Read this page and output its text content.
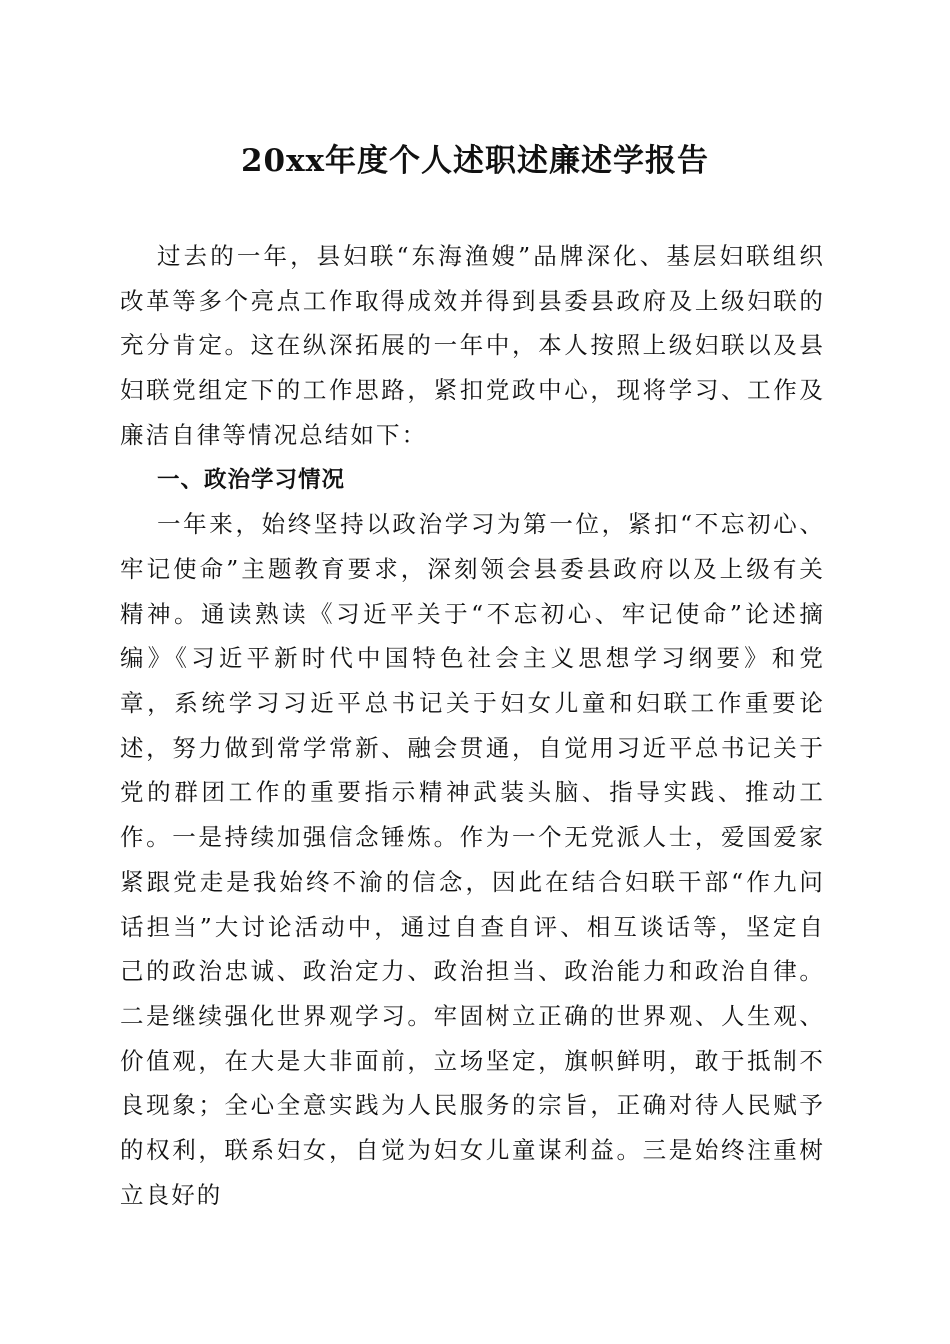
20xx年度个人述职述廉述学报告

过去的一年，县妇联“东海渔嫂”品牌深化、基层妇联组织改革等多个亮点工作取得成效并得到县委县政府及上级妇联的充分肯定。这在纵深拓展的一年中，本人按照上级妇联以及县妇联党组定下的工作思路，紧扣党政中心，现将学习、工作及廉洁自律等情况总结如下：

一、政治学习情况

一年来，始终坚持以政治学习为第一位，紧扣“不忘初心、牢记使命”主题教育要求，深刻领会县委县政府以及上级有关精神。通读熟读《习近平关于“不忘初心、牢记使命”论述摘编》《习近平新时代中国特色社会主义思想学习纲要》和党章，系统学习习近平总书记关于妇女儿童和妇联工作重要论述，努力做到常学常新、融会贯通，自觉用习近平总书记关于党的群团工作的重要指示精神武装头脑、指导实践、推动工作。一是持续加强信念锤炼。作为一个无党派人士，爱国爱家紧跟党走是我始终不渝的信念，因此在结合妇联干部“作九问话担当”大讨论活动中，通过自查自评、相互谈话等，坚定自己的政治忠诚、政治定力、政治担当、政治能力和政治自律。二是继续强化世界观学习。牢固树立正确的世界观、人生观、价值观，在大是大非面前，立场坚定，旗帜鲜明，敢于抵制不良现象；全心全意实践为人民服务的宗旨，正确对待人民赋予的权利，联系妇女，自觉为妇女儿童谋利益。三是始终注重树立良好的
